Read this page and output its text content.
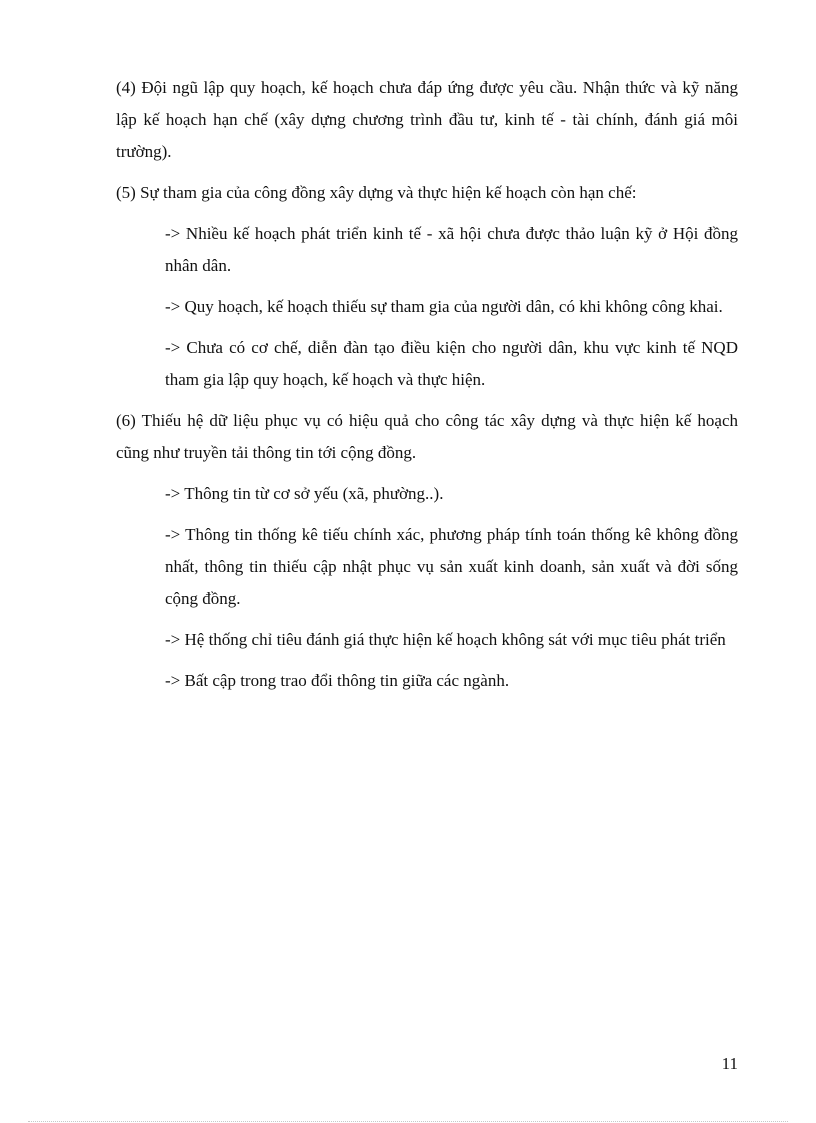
(4) Đội ngũ lập quy hoạch, kế hoạch chưa đáp ứng được yêu cầu. Nhận thức và kỹ năng lập kế hoạch hạn chế (xây dựng chương trình đầu tư, kinh tế - tài chính, đánh giá môi trường).

(5) Sự tham gia của công đồng xây dựng và thực hiện kế hoạch còn hạn chế:

-> Nhiều kế hoạch phát triển kinh tế - xã hội chưa được thảo luận kỹ ở Hội đồng nhân dân.

-> Quy hoạch, kế hoạch thiếu sự tham gia của người dân, có khi không công khai.

-> Chưa có cơ chế, diễn đàn tạo điều kiện cho người dân, khu vực kinh tế NQD tham gia lập quy hoạch, kế hoạch và thực hiện.

(6) Thiếu hệ dữ liệu phục vụ có hiệu quả cho công tác xây dựng và thực hiện kế hoạch cũng như truyền tải thông tin tới cộng đồng.

-> Thông tin từ cơ sở yếu (xã, phường..).

-> Thông tin thống kê tiếu chính xác, phương pháp tính toán thống kê không đồng nhất, thông tin thiếu cập nhật phục vụ sản xuất kinh doanh, sản xuất và đời sống cộng đồng.

-> Hệ thống chỉ tiêu đánh giá thực hiện kế hoạch không sát với mục tiêu phát triển

-> Bất cập trong trao đổi thông tin giữa các ngành.

11
